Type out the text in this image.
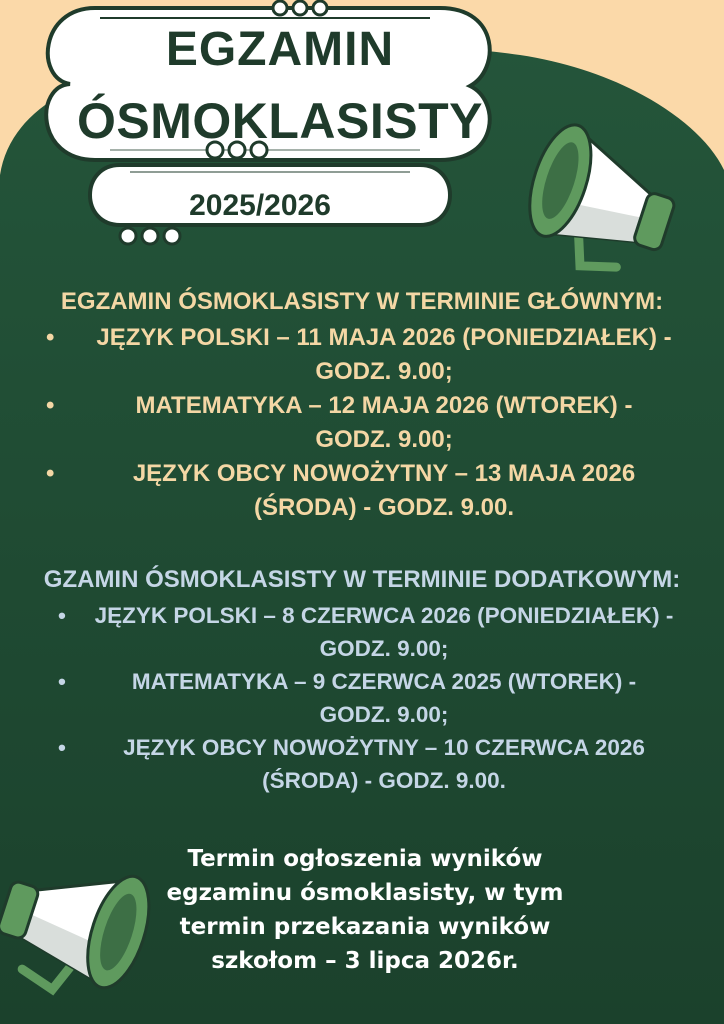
EGZAMIN
ÓSMOKLASISTY
2025/2026
EGZAMIN ÓSMOKLASISTY W TERMINIE GŁÓWNYM:
•	JĘZYK POLSKI – 11 MAJA 2026 (PONIEDZIAŁEK) -
GODZ. 9.00;
•	MATEMATYKA – 12 MAJA 2026 (WTOREK) -
GODZ. 9.00;
•	JĘZYK OBCY NOWOŻYTNY – 13 MAJA 2026
(ŚRODA) - GODZ. 9.00.
GZAMIN ÓSMOKLASISTY W TERMINIE DODATKOWYM:
•	JĘZYK POLSKI – 8 CZERWCA 2026 (PONIEDZIAŁEK) -
GODZ. 9.00;
•	MATEMATYKA – 9 CZERWCA 2025 (WTOREK) -
GODZ. 9.00;
•	JĘZYK OBCY NOWOŻYTNY – 10 CZERWCA 2026
(ŚRODA) - GODZ. 9.00.
Termin ogłoszenia wyników
egzaminu ósmoklasisty, w tym
termin przekazania wyników
szkołom – 3 lipca 2026r.
